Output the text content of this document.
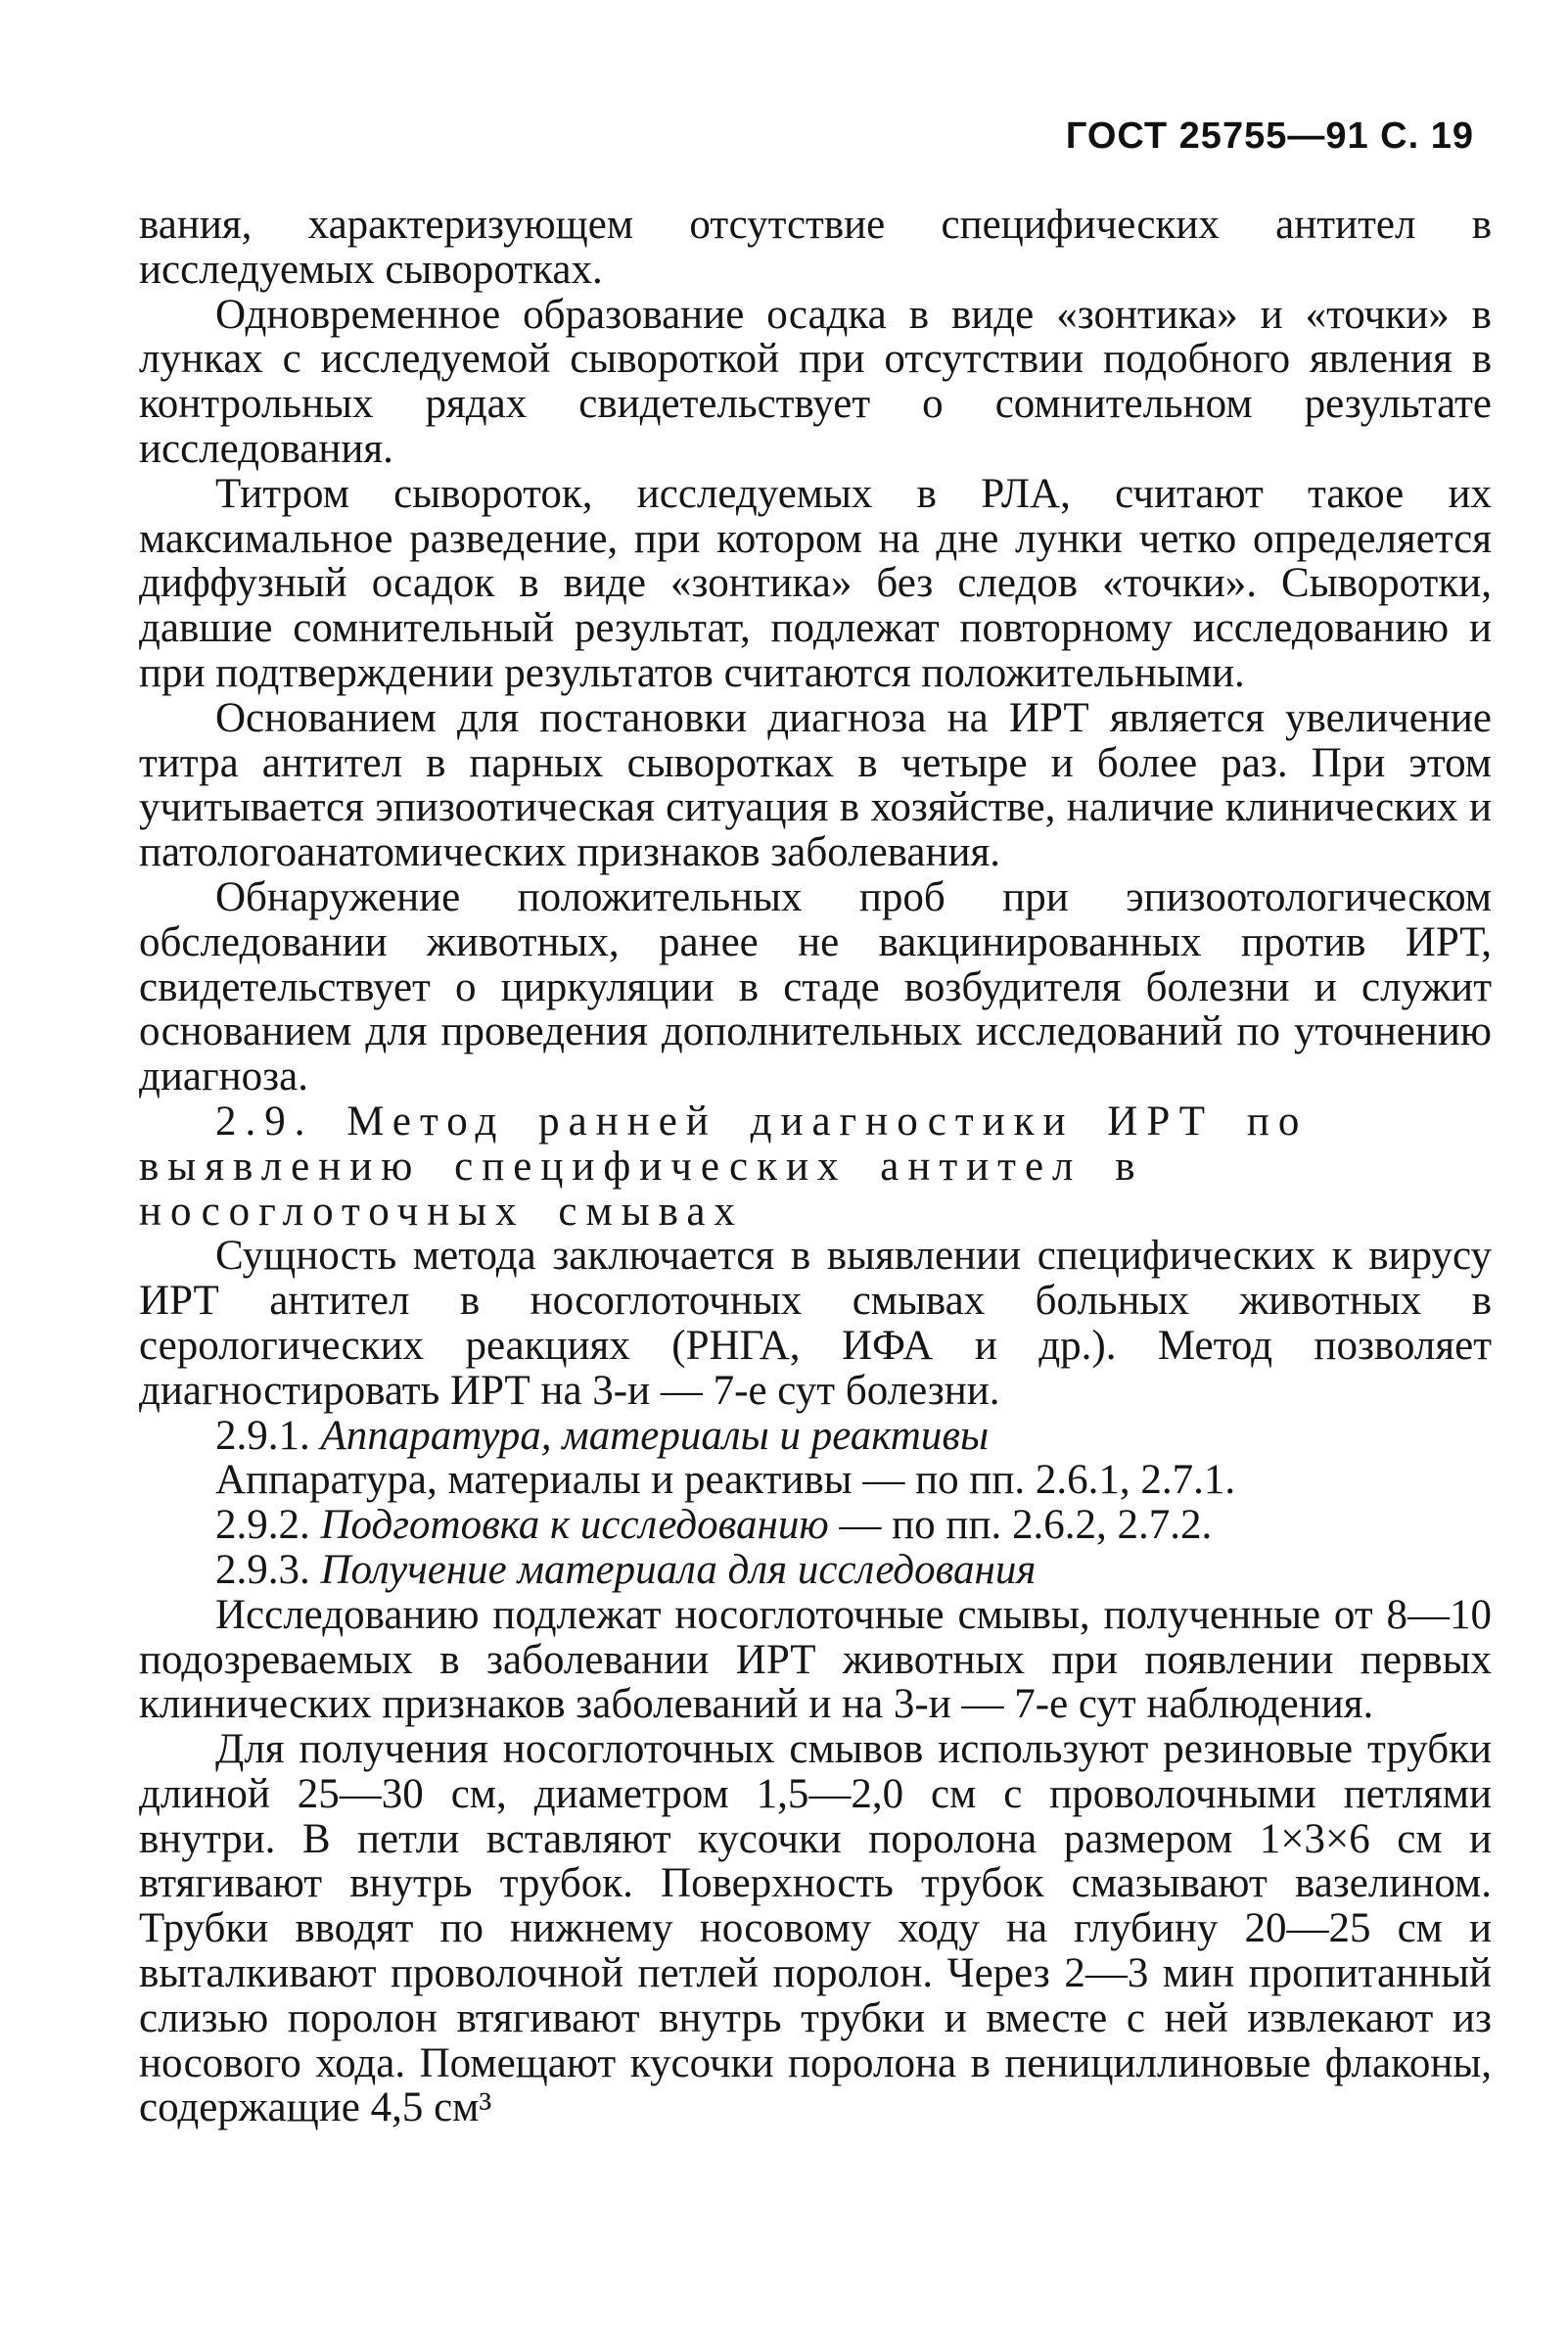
ГОСТ 25755—91 С. 19

вания, характеризующем отсутствие специфических антител в исследуемых сыворотках.

Одновременное образование осадка в виде «зонтика» и «точки» в лунках с исследуемой сывороткой при отсутствии подобного явления в контрольных рядах свидетельствует о сомнительном результате исследования.

Титром сывороток, исследуемых в РЛА, считают такое их максимальное разведение, при котором на дне лунки четко определяется диффузный осадок в виде «зонтика» без следов «точки». Сыворотки, давшие сомнительный результат, подлежат повторному исследованию и при подтверждении результатов считаются положительными.

Основанием для постановки диагноза на ИРТ является увеличение титра антител в парных сыворотках в четыре и более раз. При этом учитывается эпизоотическая ситуация в хозяйстве, наличие клинических и патологоанатомических признаков заболевания.

Обнаружение положительных проб при эпизоотологическом обследовании животных, ранее не вакцинированных против ИРТ, свидетельствует о циркуляции в стаде возбудителя болезни и служит основанием для проведения дополнительных исследований по уточнению диагноза.

2.9. Метод ранней диагностики ИРТ по выявлению специфических антител в носоглоточных смывах

Сущность метода заключается в выявлении специфических к вирусу ИРТ антител в носоглоточных смывах больных животных в серологических реакциях (РНГА, ИФА и др.). Метод позволяет диагностировать ИРТ на 3-и — 7-е сут болезни.

2.9.1. Аппаратура, материалы и реактивы

Аппаратура, материалы и реактивы — по пп. 2.6.1, 2.7.1.

2.9.2. Подготовка к исследованию — по пп. 2.6.2, 2.7.2.

2.9.3. Получение материала для исследования

Исследованию подлежат носоглоточные смывы, полученные от 8—10 подозреваемых в заболевании ИРТ животных при появлении первых клинических признаков заболеваний и на 3-и — 7-е сут наблюдения.

Для получения носоглоточных смывов используют резиновые трубки длиной 25—30 см, диаметром 1,5—2,0 см с проволочными петлями внутри. В петли вставляют кусочки поролона размером 1×3×6 см и втягивают внутрь трубок. Поверхность трубок смазывают вазелином. Трубки вводят по нижнему носовому ходу на глубину 20—25 см и выталкивают проволочной петлей поролон. Через 2—3 мин пропитанный слизью поролон втягивают внутрь трубки и вместе с ней извлекают из носового хода. Помещают кусочки поролона в пенициллиновые флаконы, содержащие 4,5 см³
